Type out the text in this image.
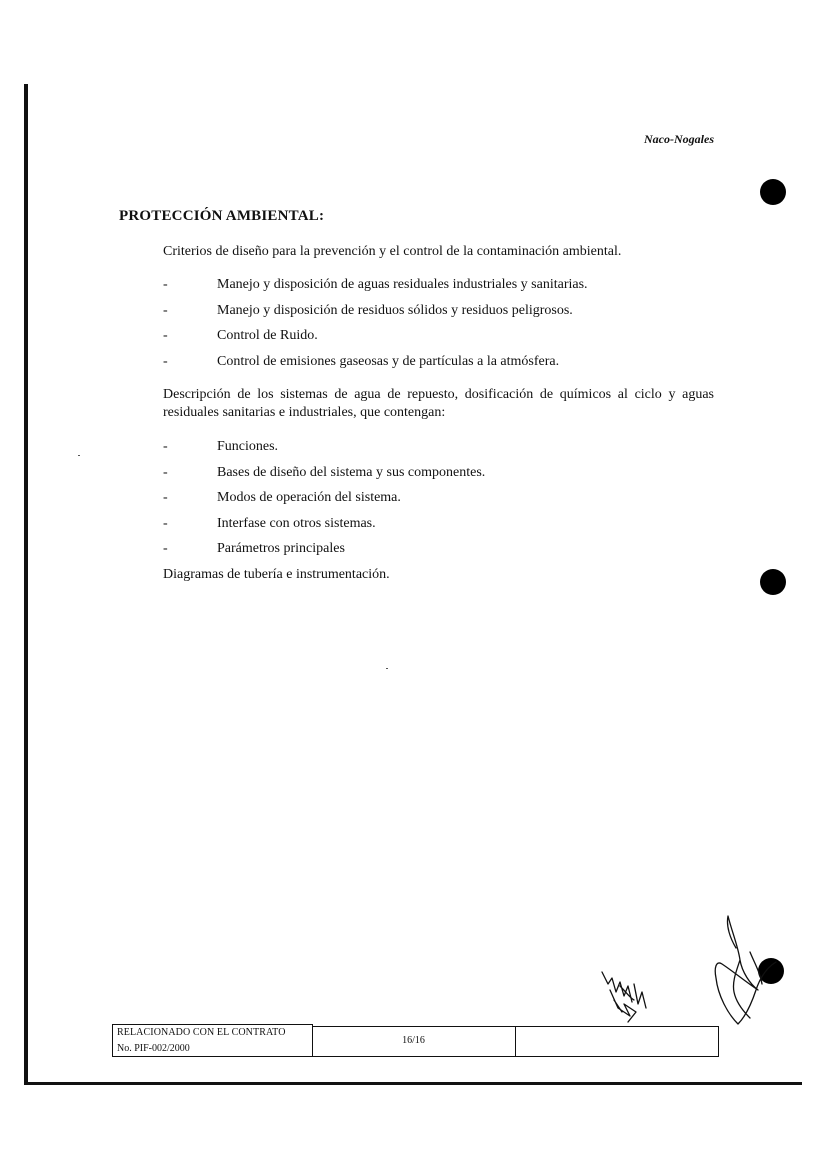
Naco-Nogales
PROTECCIÓN AMBIENTAL:
Criterios de diseño para la prevención y el control de la contaminación ambiental.
-	Manejo y disposición de aguas residuales industriales y sanitarias.
-	Manejo y disposición de residuos sólidos y residuos peligrosos.
-	Control de Ruido.
-	Control de emisiones gaseosas y de partículas a la atmósfera.
Descripción de los sistemas de agua de repuesto, dosificación de químicos al ciclo y aguas residuales sanitarias e industriales, que contengan:
-	Funciones.
-	Bases de diseño del sistema y sus componentes.
-	Modos de operación del sistema.
-	Interfase con otros sistemas.
-	Parámetros principales
Diagramas de tubería e instrumentación.
RELACIONADO CON EL CONTRATO
No. PIF-002/2000
16/16
